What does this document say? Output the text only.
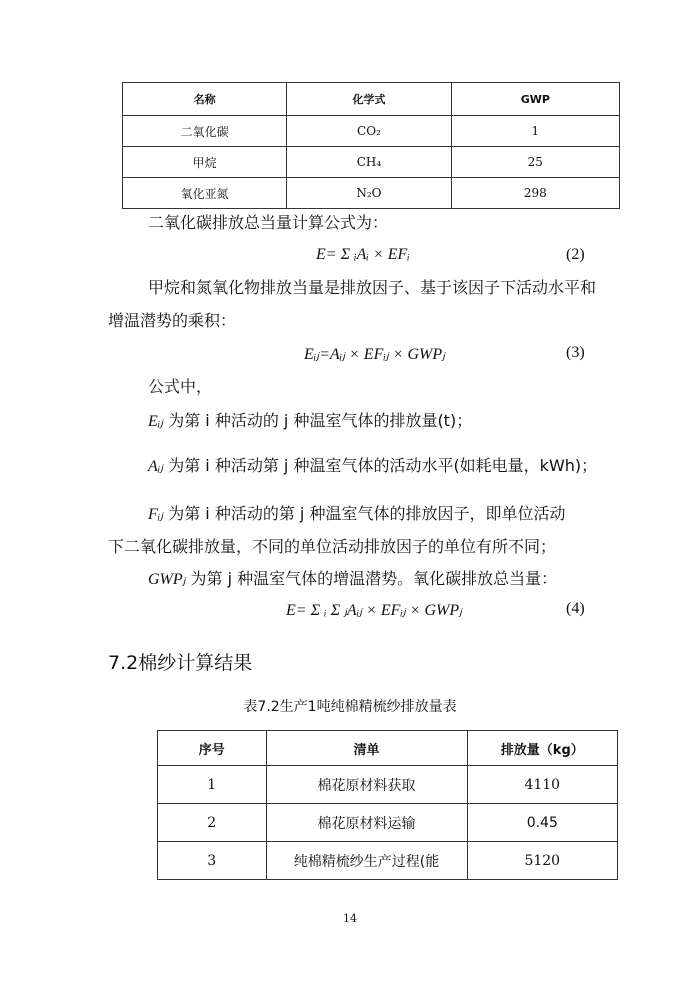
名称	化学式	GWP
二氧化碳	CO₂	1
甲烷	CH₄	25
氧化亚氮	N₂O	298
二氧化碳排放总当量计算公式为：
E= Σ ᵢAᵢ × EFᵢ	(2)
甲烷和氮氧化物排放当量是排放因子、基于该因子下活动水平和
增温潜势的乘积：
Eᵢⱼ=Aᵢⱼ × EFᵢⱼ × GWPⱼ	(3)
公式中，
Eᵢⱼ 为第 i 种活动的 j 种温室气体的排放量(t)；
Aᵢⱼ 为第 i 种活动第 j 种温室气体的活动水平(如耗电量，kWh)；
Fᵢⱼ 为第 i 种活动的第 j 种温室气体的排放因子，即单位活动
下二氧化碳排放量，不同的单位活动排放因子的单位有所不同；
GWPⱼ 为第 j 种温室气体的增温潜势。氧化碳排放总当量：
E= Σ ᵢ Σ ⱼAᵢⱼ × EFᵢⱼ × GWPⱼ	(4)
7.2棉纱计算结果
表7.2生产1吨纯棉精梳纱排放量表
序号	清单	排放量（kg）
1	棉花原材料获取	4110
2	棉花原材料运输	0.45
3	纯棉精梳纱生产过程(能	5120
14
